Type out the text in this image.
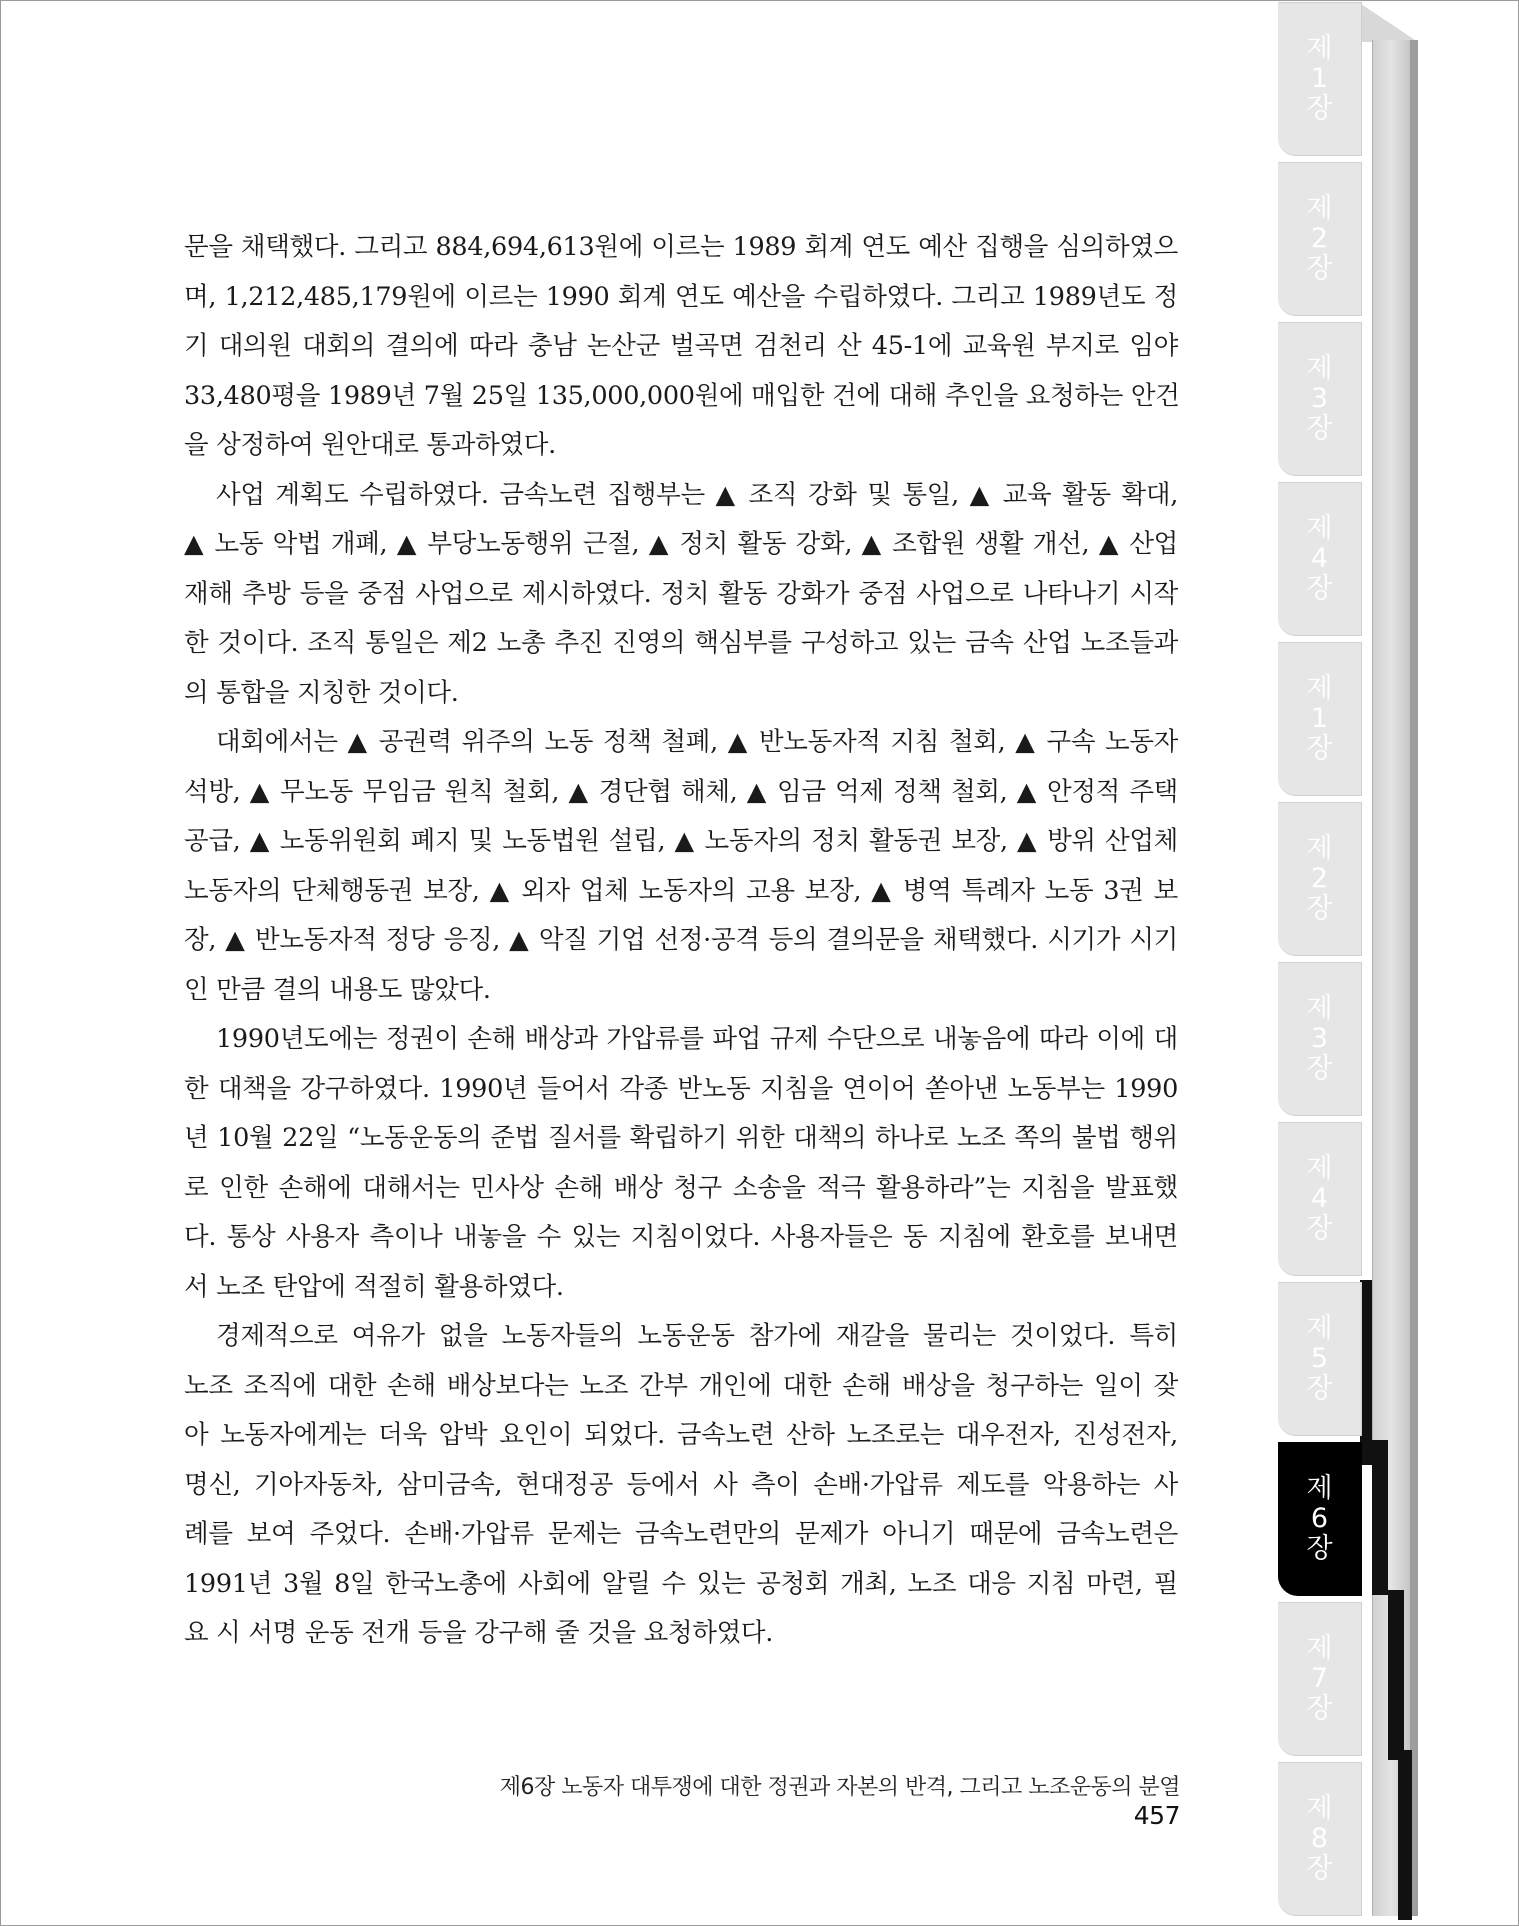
제
1
장
제
2
장
제
3
장
제
4
장
제
1
장
제
2
장
제
3
장
제
4
장
제
5
장
제
6
장
제
7
장
제
8
장
문을 채택했다. 그리고 884,694,613원에 이르는 1989 회계 연도 예산 집행을 심의하였으
며, 1,212,485,179원에 이르는 1990 회계 연도 예산을 수립하였다. 그리고 1989년도 정
기 대의원 대회의 결의에 따라 충남 논산군 벌곡면 검천리 산 45-1에 교육원 부지로 임야
33,480평을 1989년 7월 25일 135,000,000원에 매입한 건에 대해 추인을 요청하는 안건
을 상정하여 원안대로 통과하였다.
사업 계획도 수립하였다. 금속노련 집행부는 ▲ 조직 강화 및 통일, ▲ 교육 활동 확대,
▲ 노동 악법 개폐, ▲ 부당노동행위 근절, ▲ 정치 활동 강화, ▲ 조합원 생활 개선, ▲ 산업
재해 추방 등을 중점 사업으로 제시하였다. 정치 활동 강화가 중점 사업으로 나타나기 시작
한 것이다. 조직 통일은 제2 노총 추진 진영의 핵심부를 구성하고 있는 금속 산업 노조들과
의 통합을 지칭한 것이다.
대회에서는 ▲ 공권력 위주의 노동 정책 철폐, ▲ 반노동자적 지침 철회, ▲ 구속 노동자
석방, ▲ 무노동 무임금 원칙 철회, ▲ 경단협 해체, ▲ 임금 억제 정책 철회, ▲ 안정적 주택
공급, ▲ 노동위원회 폐지 및 노동법원 설립, ▲ 노동자의 정치 활동권 보장, ▲ 방위 산업체
노동자의 단체행동권 보장, ▲ 외자 업체 노동자의 고용 보장, ▲ 병역 특례자 노동 3권 보
장, ▲ 반노동자적 정당 응징, ▲ 악질 기업 선정·공격 등의 결의문을 채택했다. 시기가 시기
인 만큼 결의 내용도 많았다.
1990년도에는 정권이 손해 배상과 가압류를 파업 규제 수단으로 내놓음에 따라 이에 대
한 대책을 강구하였다. 1990년 들어서 각종 반노동 지침을 연이어 쏟아낸 노동부는 1990
년 10월 22일 “노동운동의 준법 질서를 확립하기 위한 대책의 하나로 노조 쪽의 불법 행위
로 인한 손해에 대해서는 민사상 손해 배상 청구 소송을 적극 활용하라”는 지침을 발표했
다. 통상 사용자 측이나 내놓을 수 있는 지침이었다. 사용자들은 동 지침에 환호를 보내면
서 노조 탄압에 적절히 활용하였다.
경제적으로 여유가 없을 노동자들의 노동운동 참가에 재갈을 물리는 것이었다. 특히
노조 조직에 대한 손해 배상보다는 노조 간부 개인에 대한 손해 배상을 청구하는 일이 잦
아 노동자에게는 더욱 압박 요인이 되었다. 금속노련 산하 노조로는 대우전자, 진성전자,
명신, 기아자동차, 삼미금속, 현대정공 등에서 사 측이 손배·가압류 제도를 악용하는 사
례를 보여 주었다. 손배·가압류 문제는 금속노련만의 문제가 아니기 때문에 금속노련은
1991년 3월 8일 한국노총에 사회에 알릴 수 있는 공청회 개최, 노조 대응 지침 마련, 필
요 시 서명 운동 전개 등을 강구해 줄 것을 요청하였다.
제6장 노동자 대투쟁에 대한 정권과 자본의 반격, 그리고 노조운동의 분열457
